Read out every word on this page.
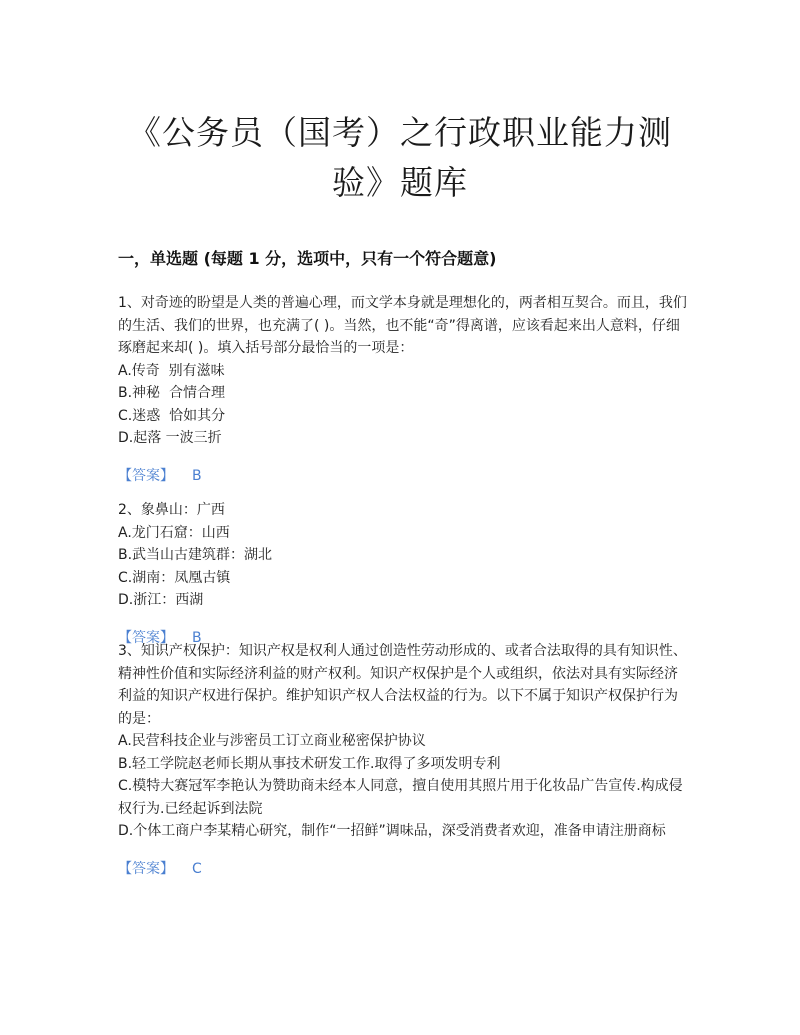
《公务员（国考）之行政职业能力测
验》题库
一，单选题 (每题 1 分，选项中，只有一个符合题意)

1、对奇迹的盼望是人类的普遍心理，而文学本身就是理想化的，两者相互契合。而且，我们的生活、我们的世界，也充满了( )。当然，也不能“奇”得离谱，应该看起来出人意料，仔细琢磨起来却( )。填入括号部分最恰当的一项是：

A.传奇  别有滋味

B.神秘  合情合理

C.迷惑  恰如其分

D.起落 一波三折

【答案】 B

2、象鼻山：广西

A.龙门石窟：山西

B.武当山古建筑群：湖北

C.湖南：凤凰古镇

D.浙江：西湖

【答案】 B

3、知识产权保护：知识产权是权利人通过创造性劳动形成的、或者合法取得的具有知识性、精神性价值和实际经济利益的财产权利。知识产权保护是个人或组织，依法对具有实际经济利益的知识产权进行保护。维护知识产权人合法权益的行为。以下不属于知识产权保护行为的是：

A.民营科技企业与涉密员工订立商业秘密保护协议

B.轻工学院赵老师长期从事技术研发工作.取得了多项发明专利

C.模特大赛冠军李艳认为赞助商未经本人同意，擅自使用其照片用于化妆品广告宣传.构成侵权行为.已经起诉到法院

D.个体工商户李某精心研究，制作“一招鲜”调味品，深受消费者欢迎，准备申请注册商标

【答案】 C
